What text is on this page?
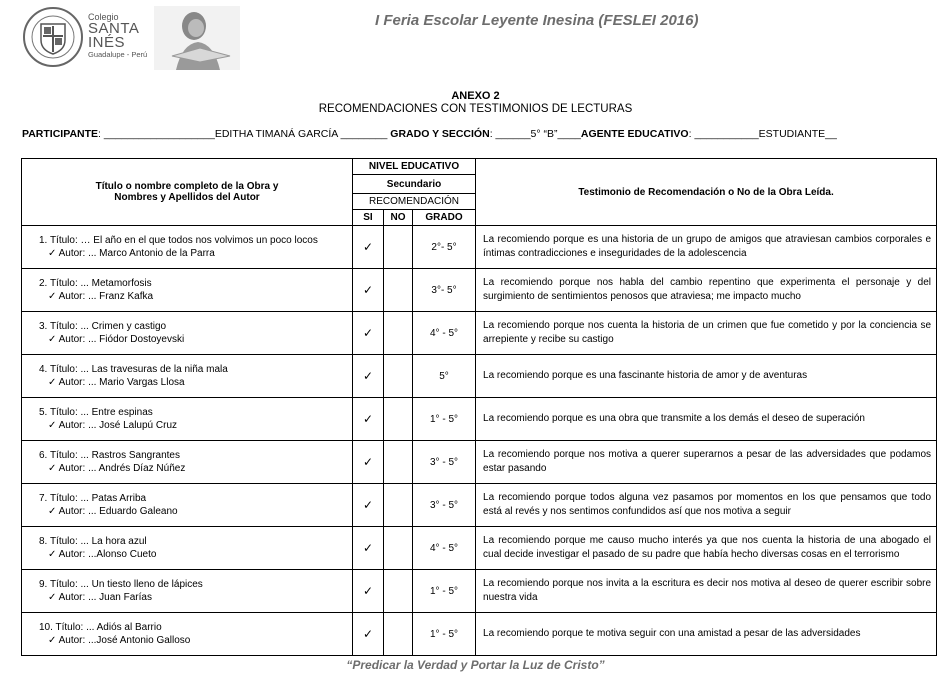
Colegio
SANTA
INÉS
Guadalupe - Perú
I Feria Escolar Leyente Inesina (FESLEI 2016)
ANEXO 2
RECOMENDACIONES CON TESTIMONIOS DE LECTURAS
PARTICIPANTE: ___________________EDITHA TIMANÁ GARCÍA ________ GRADO Y SECCIÓN: ______5° “B”____AGENTE EDUCATIVO: ___________ESTUDIANTE__
Título o nombre completo de la Obra y Nombres y Apellidos del Autor	NIVEL EDUCATIVO			Testimonio de Recomendación o No de la Obra Leída.
	Secundario			
	RECOMENDACIÓN			
	SI	NO	GRADO	

1. Título: … El año en el que todos nos volvimos un poco locos
✓ Autor: ... Marco Antonio de la Parra	✓		2°- 5°	La recomiendo porque es una historia de un grupo de amigos que atraviesan cambios corporales e íntimas contradicciones e inseguridades de la adolescencia

2. Título: ... Metamorfosis
✓ Autor: ... Franz Kafka	✓		3°- 5°	La recomiendo porque nos habla del cambio repentino que experimenta el personaje y del surgimiento de sentimientos penosos que atraviesa; me impacto mucho

3. Título: ... Crimen y castigo
✓ Autor: ... Fiódor Dostoyevski	✓		4° - 5°	La recomiendo porque nos cuenta la historia de un crimen que fue cometido y por la conciencia se arrepiente y recibe su castigo

4. Título: ... Las travesuras de la niña mala
✓ Autor: ... Mario Vargas Llosa	✓		5°	La recomiendo porque es una fascinante historia de amor y de aventuras

5. Título: ... Entre espinas
✓ Autor: ... José Lalupú Cruz	✓		1° - 5°	La recomiendo porque es una obra que transmite a los demás el deseo de superación

6. Título: ... Rastros Sangrantes
✓ Autor: ... Andrés Díaz Núñez	✓		3° - 5°	La recomiendo porque nos motiva a querer superarnos a pesar de las adversidades que podamos estar pasando

7. Título: ... Patas Arriba
✓ Autor: ... Eduardo Galeano	✓		3° - 5°	La recomiendo porque todos alguna vez pasamos por momentos en los que pensamos que todo está al revés y nos sentimos confundidos así que nos motiva a seguir

8. Título: ... La hora azul
✓ Autor: ...Alonso Cueto	✓		4° - 5°	La recomiendo porque me causo mucho interés ya que nos cuenta la historia de una abogado el cual decide investigar el pasado de su padre que había hecho diversas cosas en el terrorismo

9. Título: ... Un tiesto lleno de lápices
✓ Autor: ... Juan Farías	✓		1° - 5°	La recomiendo porque nos invita a la escritura es decir nos motiva al deseo de querer escribir sobre nuestra vida

10. Título: ... Adiós al Barrio
✓ Autor: ...José Antonio Galloso	✓		1° - 5°	La recomiendo porque te motiva seguir con una amistad a pesar de las adversidades
“Predicar la Verdad y Portar la Luz de Cristo”
